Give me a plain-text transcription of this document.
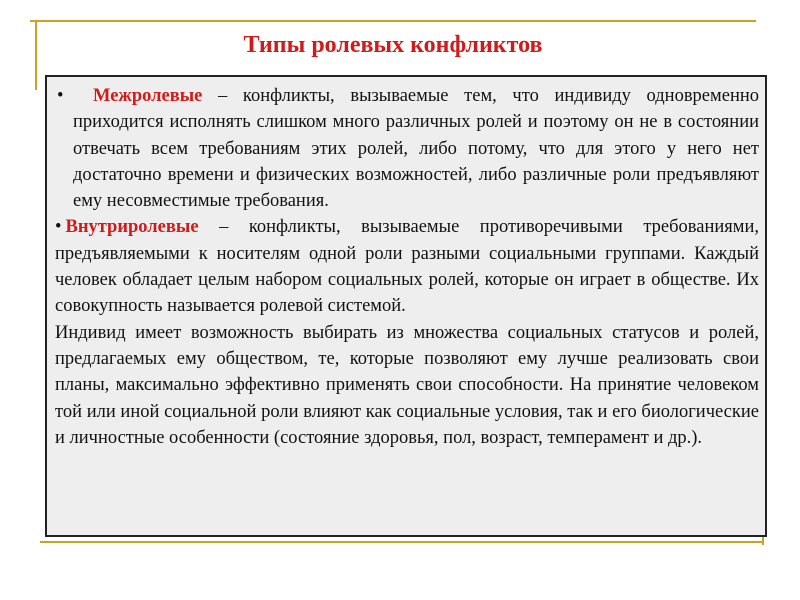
Типы ролевых конфликтов

• Межролевые – конфликты, вызываемые тем, что индивиду одновременно приходится исполнять слишком много различных ролей и поэтому он не в состоянии отвечать всем требованиям этих ролей, либо потому, что для этого у него нет достаточно времени и физических возможностей, либо различные роли предъявляют ему несовместимые требования.

• Внутриролевые – конфликты, вызываемые противоречивыми требованиями, предъявляемыми к носителям одной роли разными социальными группами. Каждый человек обладает целым набором социальных ролей, которые он играет в обществе. Их совокупность называется ролевой системой.

Индивид имеет возможность выбирать из множества социальных статусов и ролей, предлагаемых ему обществом, те, которые позволяют ему лучше реализовать свои планы, максимально эффективно применять свои способности. На принятие человеком той или иной социальной роли влияют как социальные условия, так и его биологические и личностные особенности (состояние здоровья, пол, возраст, темперамент и др.).
